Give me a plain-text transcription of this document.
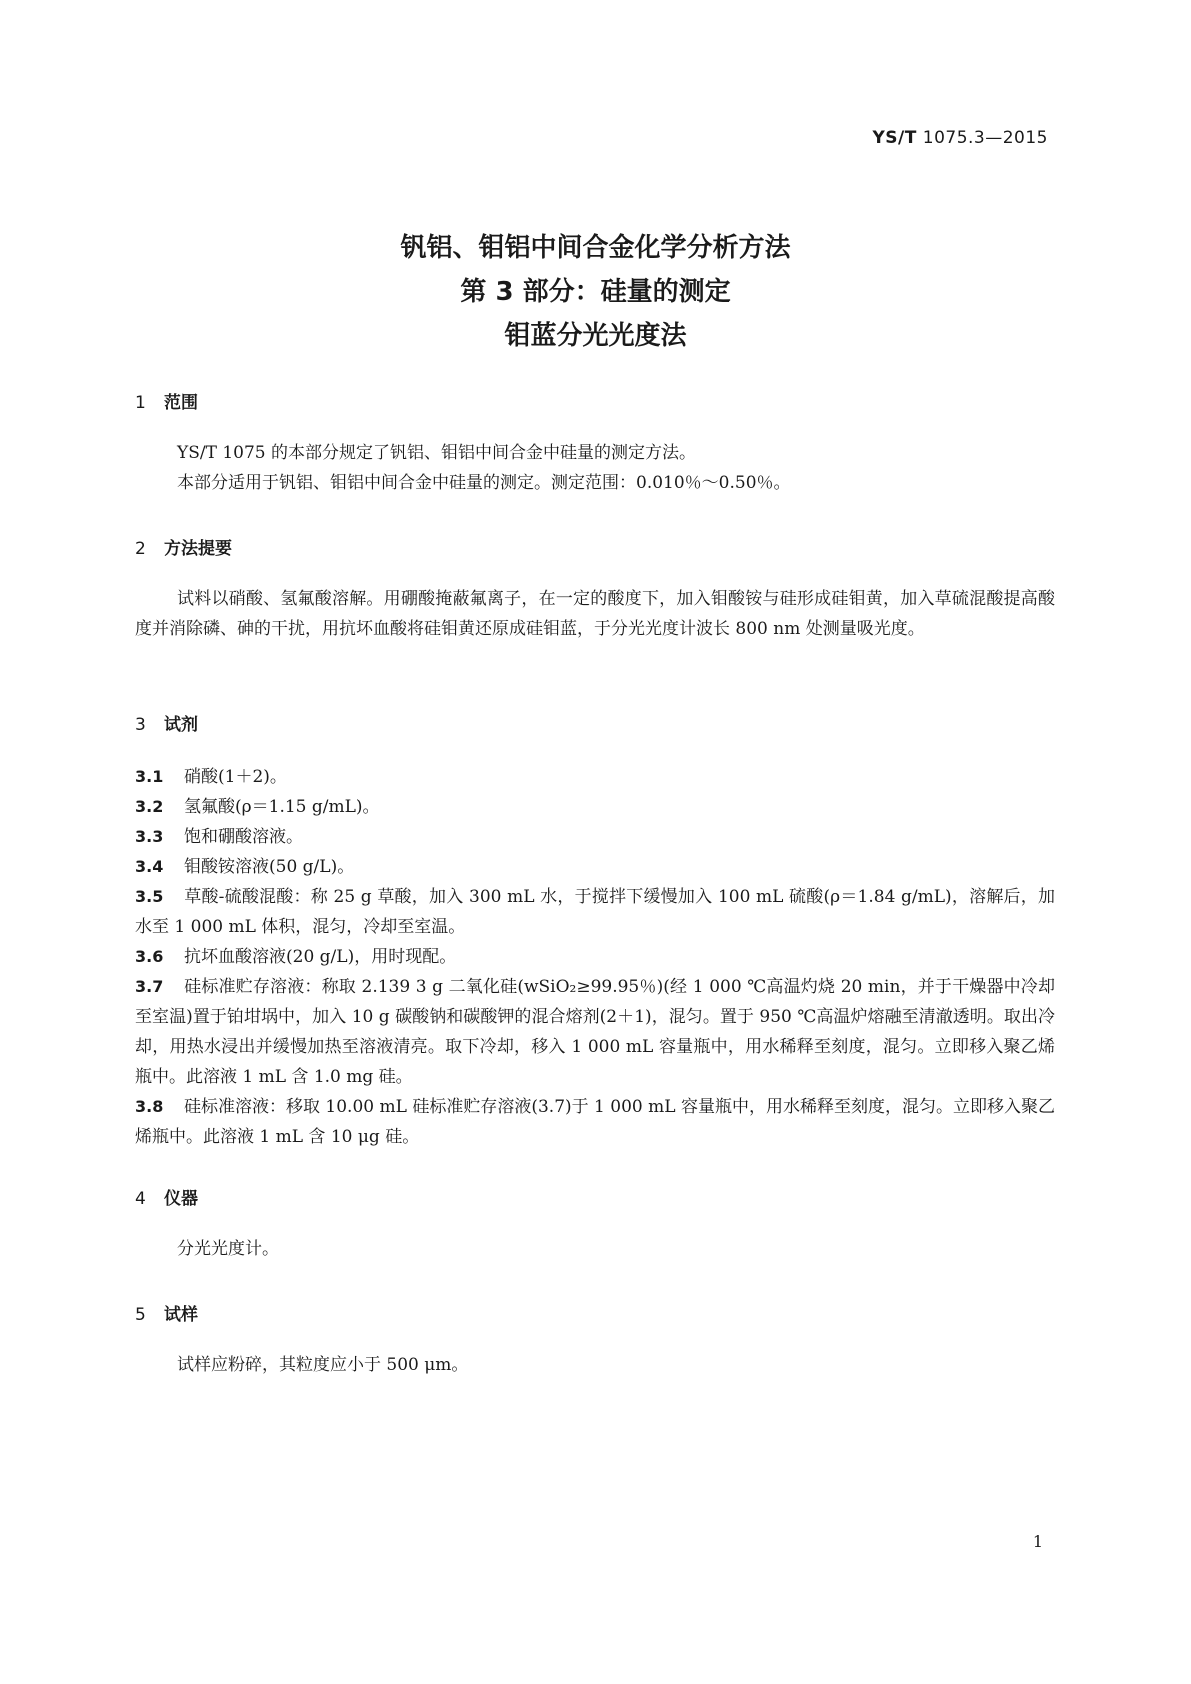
YS/T 1075.3—2015
钒铝、钼铝中间合金化学分析方法
第 3 部分：硅量的测定
钼蓝分光光度法
1 范围
YS/T 1075 的本部分规定了钒铝、钼铝中间合金中硅量的测定方法。
本部分适用于钒铝、钼铝中间合金中硅量的测定。测定范围：0.010％～0.50％。
2 方法提要
试料以硝酸、氢氟酸溶解。用硼酸掩蔽氟离子，在一定的酸度下，加入钼酸铵与硅形成硅钼黄，加入草硫混酸提高酸度并消除磷、砷的干扰，用抗坏血酸将硅钼黄还原成硅钼蓝，于分光光度计波长 800 nm 处测量吸光度。
3 试剂
3.1 硝酸(1＋2)。
3.2 氢氟酸(ρ＝1.15 g/mL)。
3.3 饱和硼酸溶液。
3.4 钼酸铵溶液(50 g/L)。
3.5 草酸-硫酸混酸：称 25 g 草酸，加入 300 mL 水，于搅拌下缓慢加入 100 mL 硫酸(ρ＝1.84 g/mL)，溶解后，加水至 1 000 mL 体积，混匀，冷却至室温。
3.6 抗坏血酸溶液(20 g/L)，用时现配。
3.7 硅标准贮存溶液：称取 2.139 3 g 二氧化硅(wSiO₂≥99.95％)(经 1 000 ℃高温灼烧 20 min，并于干燥器中冷却至室温)置于铂坩埚中，加入 10 g 碳酸钠和碳酸钾的混合熔剂(2＋1)，混匀。置于 950 ℃高温炉熔融至清澈透明。取出冷却，用热水浸出并缓慢加热至溶液清亮。取下冷却，移入 1 000 mL 容量瓶中，用水稀释至刻度，混匀。立即移入聚乙烯瓶中。此溶液 1 mL 含 1.0 mg 硅。
3.8 硅标准溶液：移取 10.00 mL 硅标准贮存溶液(3.7)于 1 000 mL 容量瓶中，用水稀释至刻度，混匀。立即移入聚乙烯瓶中。此溶液 1 mL 含 10 μg 硅。
4 仪器
分光光度计。
5 试样
试样应粉碎，其粒度应小于 500 μm。
1
